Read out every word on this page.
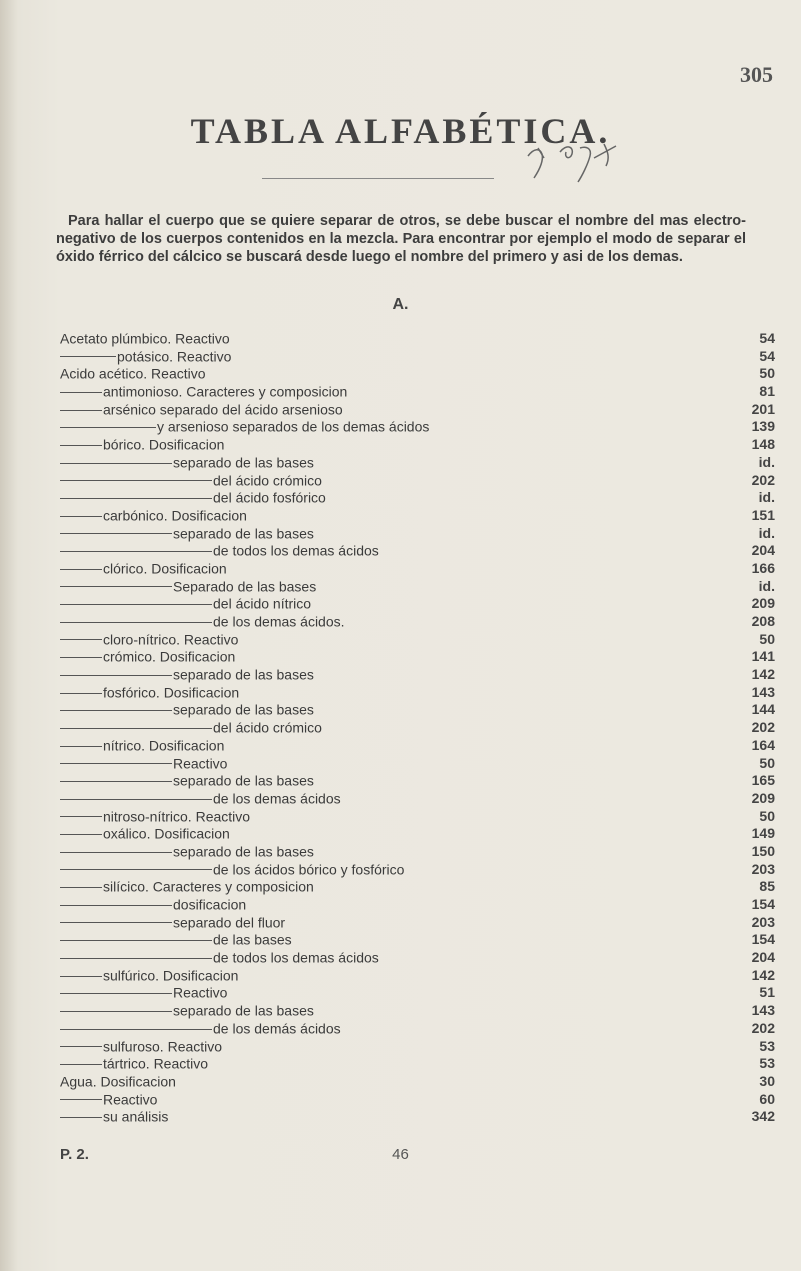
305
TABLA ALFABÉTICA.
Para hallar el cuerpo que se quiere separar de otros, se debe buscar el nombre del mas electro-negativo de los cuerpos contenidos en la mezcla. Para encontrar por ejemplo el modo de separar el óxido férrico del cálcico se buscará desde luego el nombre del primero y asi de los demas.
A.
Acetato plúmbico. Reactivo	54
potásico. Reactivo	54
Acido acético. Reactivo	50
antimonioso. Caracteres y composicion	81
arsénico separado del ácido arsenioso	201
y arsenioso separados de los demas ácidos	139
bórico. Dosificacion	148
separado de las bases	id.
del ácido crómico	202
del ácido fosfórico	id.
carbónico. Dosificacion	151
separado de las bases	id.
de todos los demas ácidos	204
clórico. Dosificacion	166
Separado de las bases	id.
del ácido nítrico	209
de los demas ácidos.	208
cloro-nítrico. Reactivo	50
crómico. Dosificacion	141
separado de las bases	142
fosfórico. Dosificacion	143
separado de las bases	144
del ácido crómico	202
nítrico. Dosificacion	164
Reactivo	50
separado de las bases	165
de los demas ácidos	209
nitroso-nítrico. Reactivo	50
oxálico. Dosificacion	149
separado de las bases	150
de los ácidos bórico y fosfórico	203
silícico. Caracteres y composicion	85
dosificacion	154
separado del fluor	203
de las bases	154
de todos los demas ácidos	204
sulfúrico. Dosificacion	142
Reactivo	51
separado de las bases	143
de los demás ácidos	202
sulfuroso. Reactivo	53
tártrico. Reactivo	53
Agua. Dosificacion	30
Reactivo	60
su análisis	342
P. 2.	46
